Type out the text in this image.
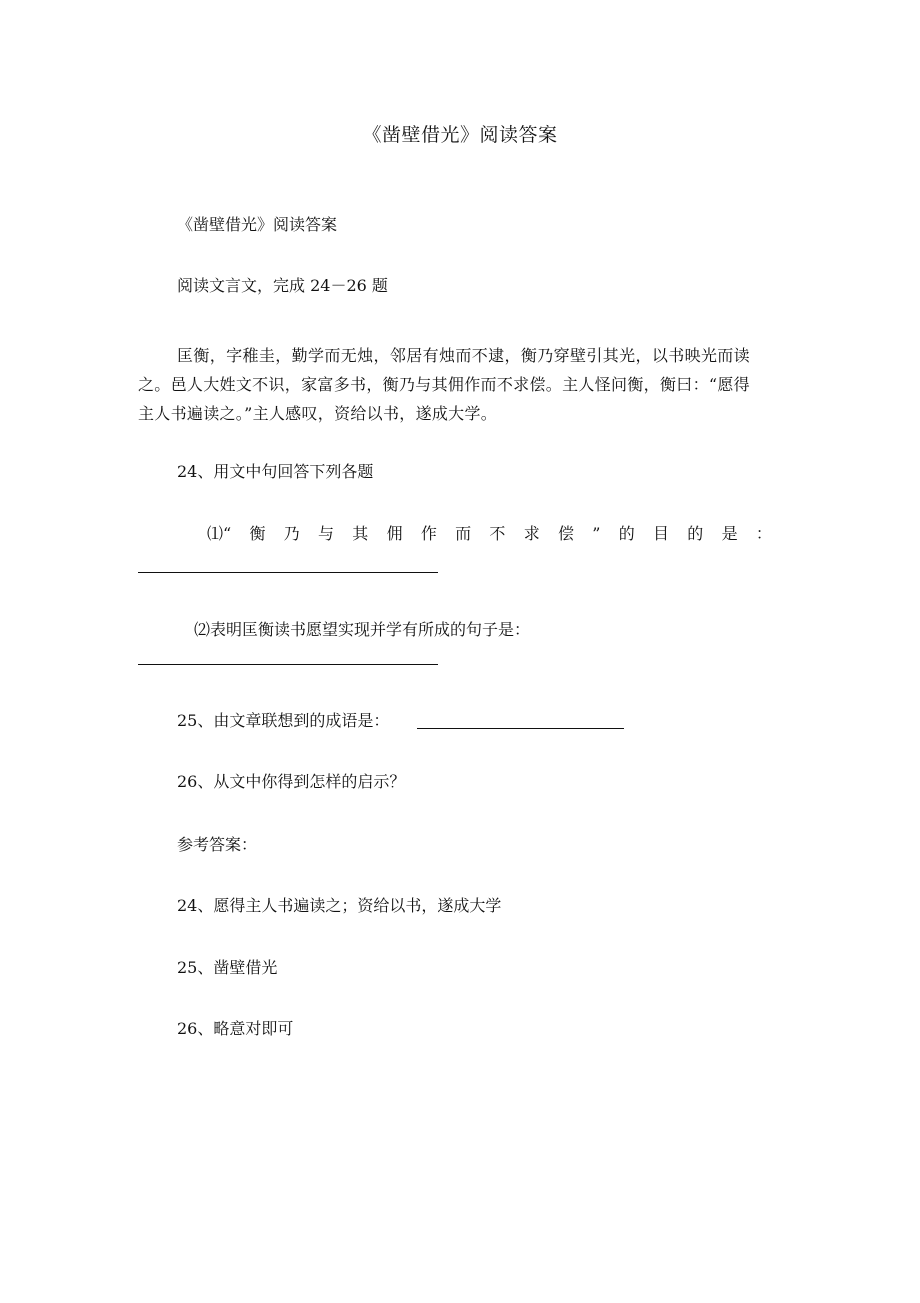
《凿壁借光》阅读答案
《凿壁借光》阅读答案
阅读文言文，完成 24－26 题
匡衡，字稚圭，勤学而无烛，邻居有烛而不逮，衡乃穿壁引其光，以书映光而读之。邑人大姓文不识，家富多书，衡乃与其佣作而不求偿。主人怪问衡，衡曰：“愿得主人书遍读之。”主人感叹，资给以书，遂成大学。
24、用文中句回答下列各题
⑴“ 衡 乃 与 其 佣 作 而 不 求 偿 ” 的 目 的 是 ：
⑵表明匡衡读书愿望实现并学有所成的句子是：
25、由文章联想到的成语是：
26、从文中你得到怎样的启示？
参考答案：
24、愿得主人书遍读之；资给以书，遂成大学
25、凿壁借光
26、略意对即可
